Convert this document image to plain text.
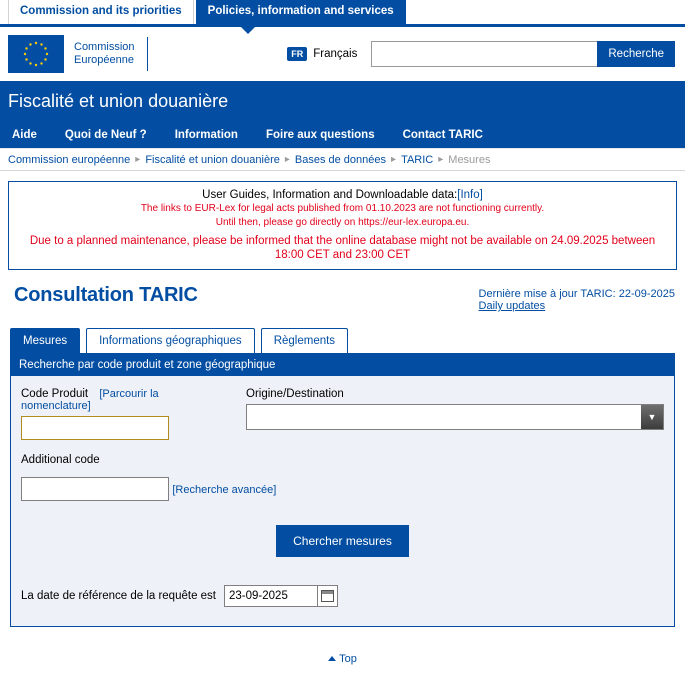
Commission and its priorities	Policies, information and services
Commission
Européenne	FR Français	Recherche
Fiscalité et union douanière
Aide Quoi de Neuf ? Information Foire aux questions Contact TARIC
Commission européenne ▸ Fiscalité et union douanière ▸ Bases de données ▸ TARIC ▸ Mesures
User Guides, Information and Downloadable data:[Info]
The links to EUR-Lex for legal acts published from 01.10.2023 are not functioning currently.
Until then, please go directly on https://eur-lex.europa.eu.
Due to a planned maintenance, please be informed that the online database might not be available on 24.09.2025 between 18:00 CET and 23:00 CET
Consultation TARIC	Dernière mise à jour TARIC: 22-09-2025
Daily updates
Mesures	Informations géographiques	Règlements
Recherche par code produit et zone géographique
Code Produit [Parcourir la nomenclature]
Origine/Destination
▼
Additional code
[Recherche avancée]
Chercher mesures
La date de référence de la requête est
23-09-2025
Top
